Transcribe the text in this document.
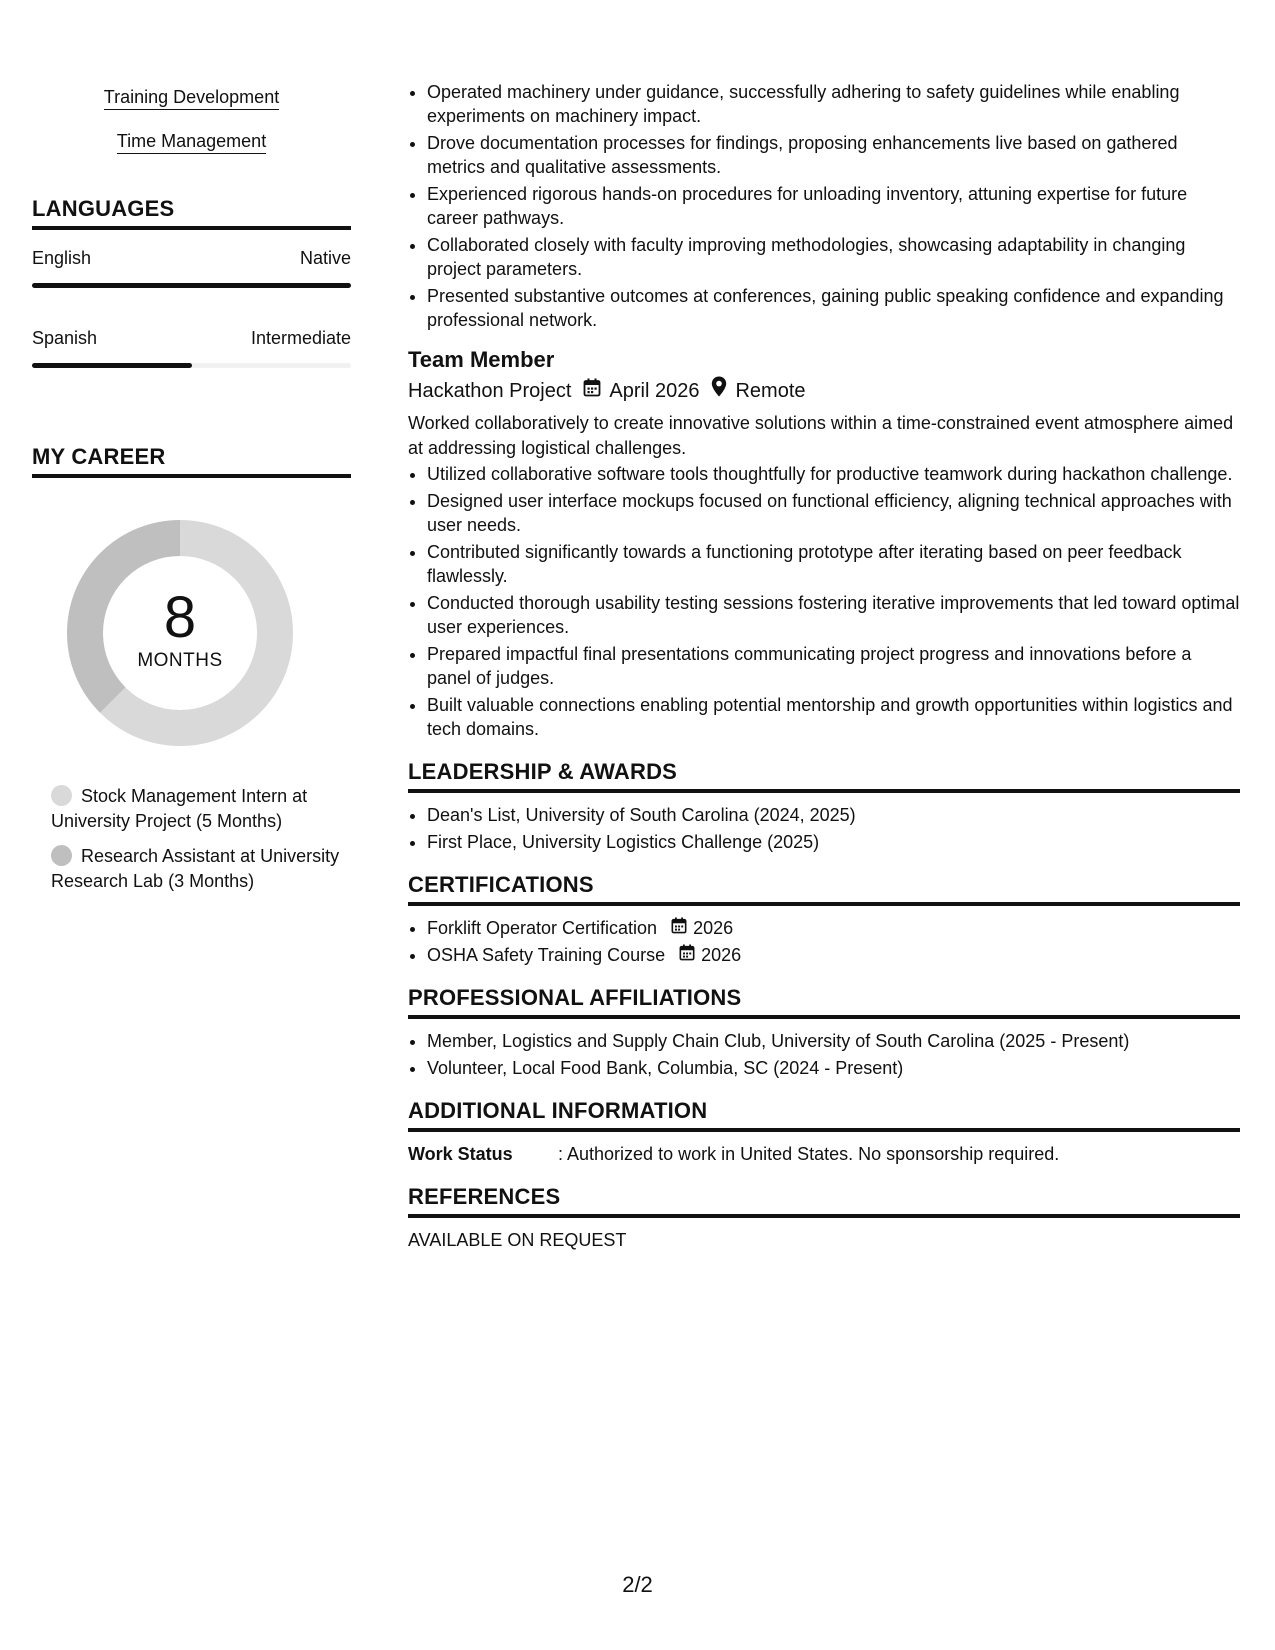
Training Development
Time Management
LANGUAGES
English	Native
Spanish	Intermediate
MY CAREER
8
MONTHS
Stock Management Intern at University Project (5 Months)
Research Assistant at University Research Lab (3 Months)
• Operated machinery under guidance, successfully adhering to safety guidelines while enabling experiments on machinery impact.
• Drove documentation processes for findings, proposing enhancements live based on gathered metrics and qualitative assessments.
• Experienced rigorous hands-on procedures for unloading inventory, attuning expertise for future career pathways.
• Collaborated closely with faculty improving methodologies, showcasing adaptability in changing project parameters.
• Presented substantive outcomes at conferences, gaining public speaking confidence and expanding professional network.
Team Member
Hackathon Project April 2026 Remote
Worked collaboratively to create innovative solutions within a time-constrained event atmosphere aimed at addressing logistical challenges.
• Utilized collaborative software tools thoughtfully for productive teamwork during hackathon challenge.
• Designed user interface mockups focused on functional efficiency, aligning technical approaches with user needs.
• Contributed significantly towards a functioning prototype after iterating based on peer feedback flawlessly.
• Conducted thorough usability testing sessions fostering iterative improvements that led toward optimal user experiences.
• Prepared impactful final presentations communicating project progress and innovations before a panel of judges.
• Built valuable connections enabling potential mentorship and growth opportunities within logistics and tech domains.
LEADERSHIP & AWARDS
• Dean's List, University of South Carolina (2024, 2025)
• First Place, University Logistics Challenge (2025)
CERTIFICATIONS
• Forklift Operator Certification 2026
• OSHA Safety Training Course 2026
PROFESSIONAL AFFILIATIONS
• Member, Logistics and Supply Chain Club, University of South Carolina (2025 - Present)
• Volunteer, Local Food Bank, Columbia, SC (2024 - Present)
ADDITIONAL INFORMATION
Work Status	: Authorized to work in United States. No sponsorship required.
REFERENCES
AVAILABLE ON REQUEST
2/2
